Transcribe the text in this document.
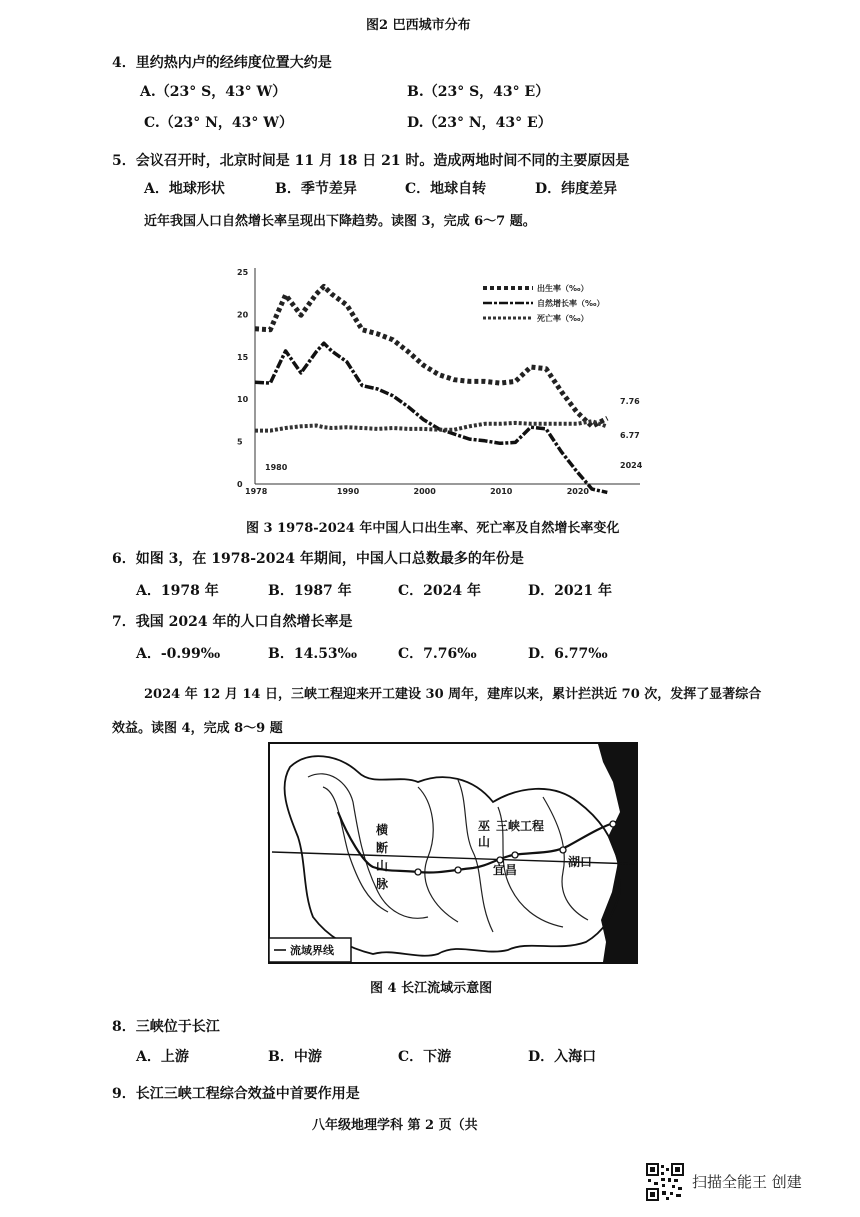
图2 巴西城市分布
4．里约热内卢的经纬度位置大约是
A.（23° S，43° W）	B.（23° S，43° E）
C.（23° N，43° W）	D.（23° N，43° E）
5．会议召开时，北京时间是 11 月 18 日 21 时。造成两地时间不同的主要原因是
A．地球形状	B．季节差异	C．地球自转	D．纬度差异
近年我国人口自然增长率呈现出下降趋势。读图 3，完成 6～7 题。
0
5
10
15
20
25
1978	1990	2000	2010	2020
出生率（‰）
自然增长率（‰）
死亡率（‰）
1980	2024
7.76
6.77
图 3 1978-2024 年中国人口出生率、死亡率及自然增长率变化
6．如图 3，在 1978-2024 年期间，中国人口总数最多的年份是
A．1978 年	B．1987 年	C．2024 年	D．2021 年
7．我国 2024 年的人口自然增长率是
A．-0.99‰	B．14.53‰	C．7.76‰	D．6.77‰
2024 年 12 月 14 日，三峡工程迎来开工建设 30 周年，建库以来，累计拦洪近 70 次，发挥了显著综合
效益。读图 4，完成 8～9 题
横
断
山
脉
巫
山
三峡工程
宜昌
湖口
流域界线
图 4 长江流域示意图
8．三峡位于长江
A．上游	B．中游	C．下游	D．入海口
9．长江三峡工程综合效益中首要作用是
八年级地理学科 第 2 页（共
扫描全能王 创建
